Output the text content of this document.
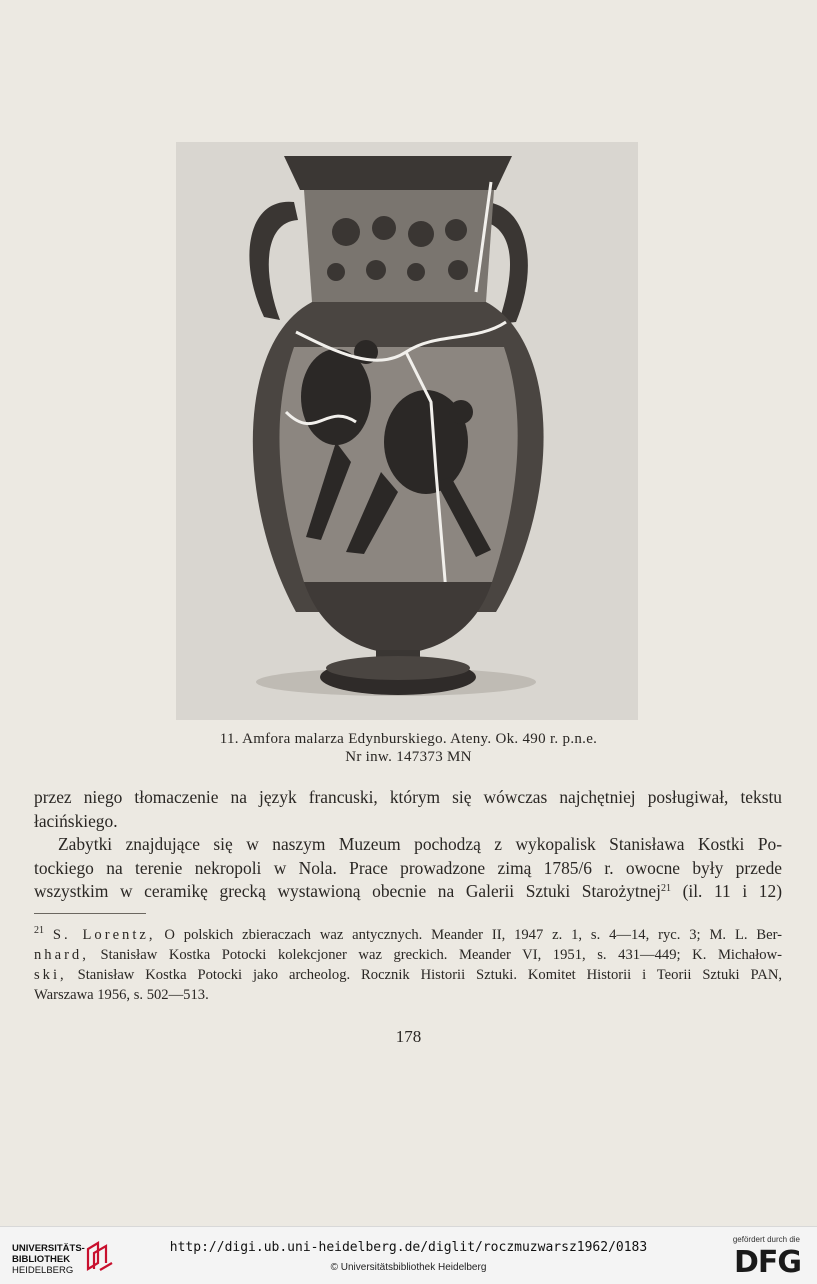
11. Amfora malarza Edynburskiego. Ateny. Ok. 490 r. p.n.e.
Nr inw. 147373 MN
przez niego tłomaczenie na język francuski, którym się wówczas najchętniej posługiwał, tekstu
łacińskiego.
Zabytki znajdujące się w naszym Muzeum pochodzą z wykopalisk Stanisława Kostki Po-
tockiego na terenie nekropoli w Nola. Prace prowadzone zimą 1785/6 r. owocne były przede
wszystkim w ceramikę grecką wystawioną obecnie na Galerii Sztuki Starożytnej$^{21}$ (il. 11 i 12)
$^{21}$ S. Lorentz, O polskich zbieraczach waz antycznych. Meander II, 1947 z. 1, s. 4—14, ryc. 3; M. L. Ber-
nhard, Stanisław Kostka Potocki kolekcjoner waz greckich. Meander VI, 1951, s. 431—449; K. Michałow-
ski, Stanisław Kostka Potocki jako archeolog. Rocznik Historii Sztuki. Komitet Historii i Teorii Sztuki PAN,
Warszawa 1956, s. 502—513.
178
UNIVERSITÄTS-
BIBLIOTHEK
HEIDELBERG
http://digi.ub.uni-heidelberg.de/diglit/roczmuzwarsz1962/0183
© Universitätsbibliothek Heidelberg
gefördert durch die
DFG
